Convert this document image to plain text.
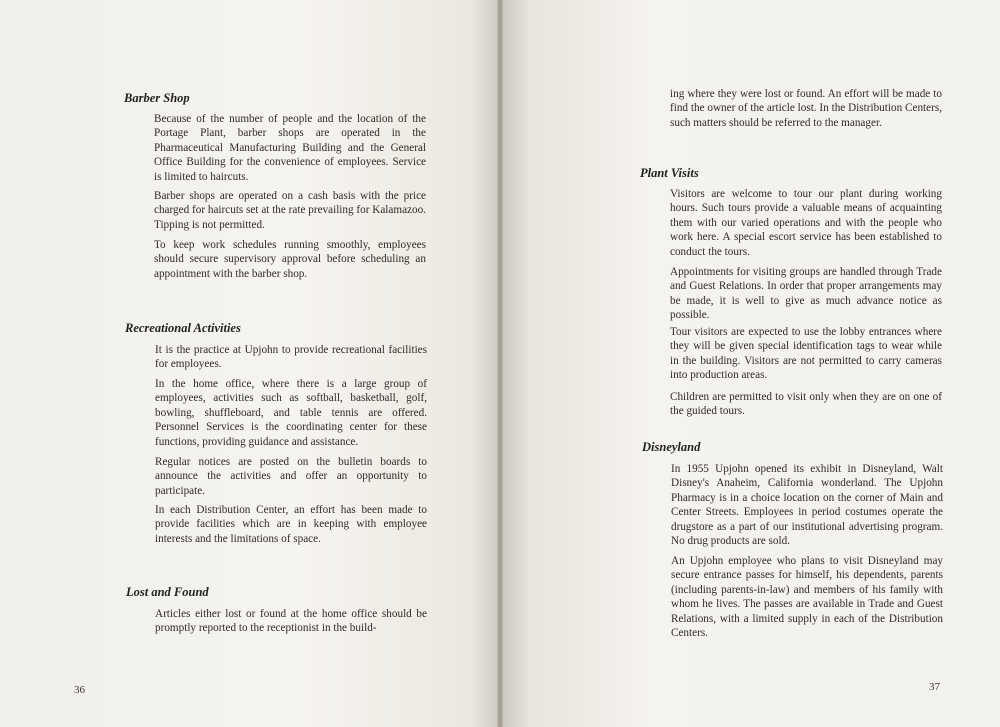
Barber Shop
Because of the number of people and the location of the Portage Plant, barber shops are operated in the Pharmaceutical Manufacturing Building and the General Office Building for the convenience of employees. Service is limited to haircuts.
Barber shops are operated on a cash basis with the price charged for haircuts set at the rate prevailing for Kalamazoo. Tipping is not permitted.
To keep work schedules running smoothly, employees should secure supervisory approval before scheduling an appointment with the barber shop.
Recreational Activities
It is the practice at Upjohn to provide recreational facilities for employees.
In the home office, where there is a large group of employees, activities such as softball, basketball, golf, bowling, shuffleboard, and table tennis are offered. Personnel Services is the coordinating center for these functions, providing guidance and assistance.
Regular notices are posted on the bulletin boards to announce the activities and offer an opportunity to participate.
In each Distribution Center, an effort has been made to provide facilities which are in keeping with employee interests and the limitations of space.
Lost and Found
Articles either lost or found at the home office should be promptly reported to the receptionist in the build-
36
ing where they were lost or found. An effort will be made to find the owner of the article lost. In the Distribution Centers, such matters should be referred to the manager.
Plant Visits
Visitors are welcome to tour our plant during working hours. Such tours provide a valuable means of acquainting them with our varied operations and with the people who work here. A special escort service has been established to conduct the tours.
Appointments for visiting groups are handled through Trade and Guest Relations. In order that proper arrangements may be made, it is well to give as much advance notice as possible.
Tour visitors are expected to use the lobby entrances where they will be given special identification tags to wear while in the building. Visitors are not permitted to carry cameras into production areas.
Children are permitted to visit only when they are on one of the guided tours.
Disneyland
In 1955 Upjohn opened its exhibit in Disneyland, Walt Disney's Anaheim, California wonderland. The Upjohn Pharmacy is in a choice location on the corner of Main and Center Streets. Employees in period costumes operate the drugstore as a part of our institutional advertising program. No drug products are sold.
An Upjohn employee who plans to visit Disneyland may secure entrance passes for himself, his dependents, parents (including parents-in-law) and members of his family with whom he lives. The passes are available in Trade and Guest Relations, with a limited supply in each of the Distribution Centers.
37
